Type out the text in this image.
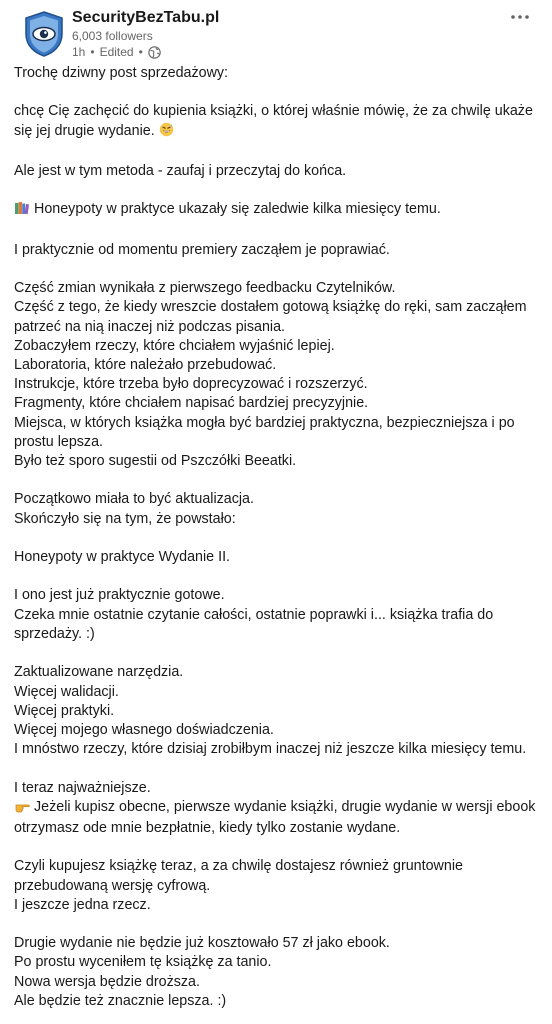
SecurityBezTabu.pl
6,003 followers
1h • Edited •

Trochę dziwny post sprzedażowy:

chcę Cię zachęcić do kupienia książki, o której właśnie mówię, że za chwilę ukaże się jej drugie wydanie.

Ale jest w tym metoda - zaufaj i przeczytaj do końca.

Honeypoty w praktyce ukazały się zaledwie kilka miesięcy temu.

I praktycznie od momentu premiery zacząłem je poprawiać.

Część zmian wynikała z pierwszego feedbacku Czytelników.

Część z tego, że kiedy wreszcie dostałem gotową książkę do ręki, sam zacząłem patrzeć na nią inaczej niż podczas pisania.

Zobaczyłem rzeczy, które chciałem wyjaśnić lepiej.

Laboratoria, które należało przebudować.

Instrukcje, które trzeba było doprecyzować i rozszerzyć.

Fragmenty, które chciałem napisać bardziej precyzyjnie.

Miejsca, w których książka mogła być bardziej praktyczna, bezpieczniejsza i po prostu lepsza.

Było też sporo sugestii od Pszczółki Beeatki.

Początkowo miała to być aktualizacja.

Skończyło się na tym, że powstało:

Honeypoty w praktyce Wydanie II.

I ono jest już praktycznie gotowe.

Czeka mnie ostatnie czytanie całości, ostatnie poprawki i... książka trafia do sprzedaży. :)

Zaktualizowane narzędzia.

Więcej walidacji.

Więcej praktyki.

Więcej mojego własnego doświadczenia.

I mnóstwo rzeczy, które dzisiaj zrobiłbym inaczej niż jeszcze kilka miesięcy temu.

I teraz najważniejsze.

Jeżeli kupisz obecne, pierwsze wydanie książki, drugie wydanie w wersji ebook otrzymasz ode mnie bezpłatnie, kiedy tylko zostanie wydane.

Czyli kupujesz książkę teraz, a za chwilę dostajesz również gruntownie przebudowaną wersję cyfrową.

I jeszcze jedna rzecz.

Drugie wydanie nie będzie już kosztowało 57 zł jako ebook.

Po prostu wyceniłem tę książkę za tanio.

Nowa wersja będzie droższa.

Ale będzie też znacznie lepsza. :)
